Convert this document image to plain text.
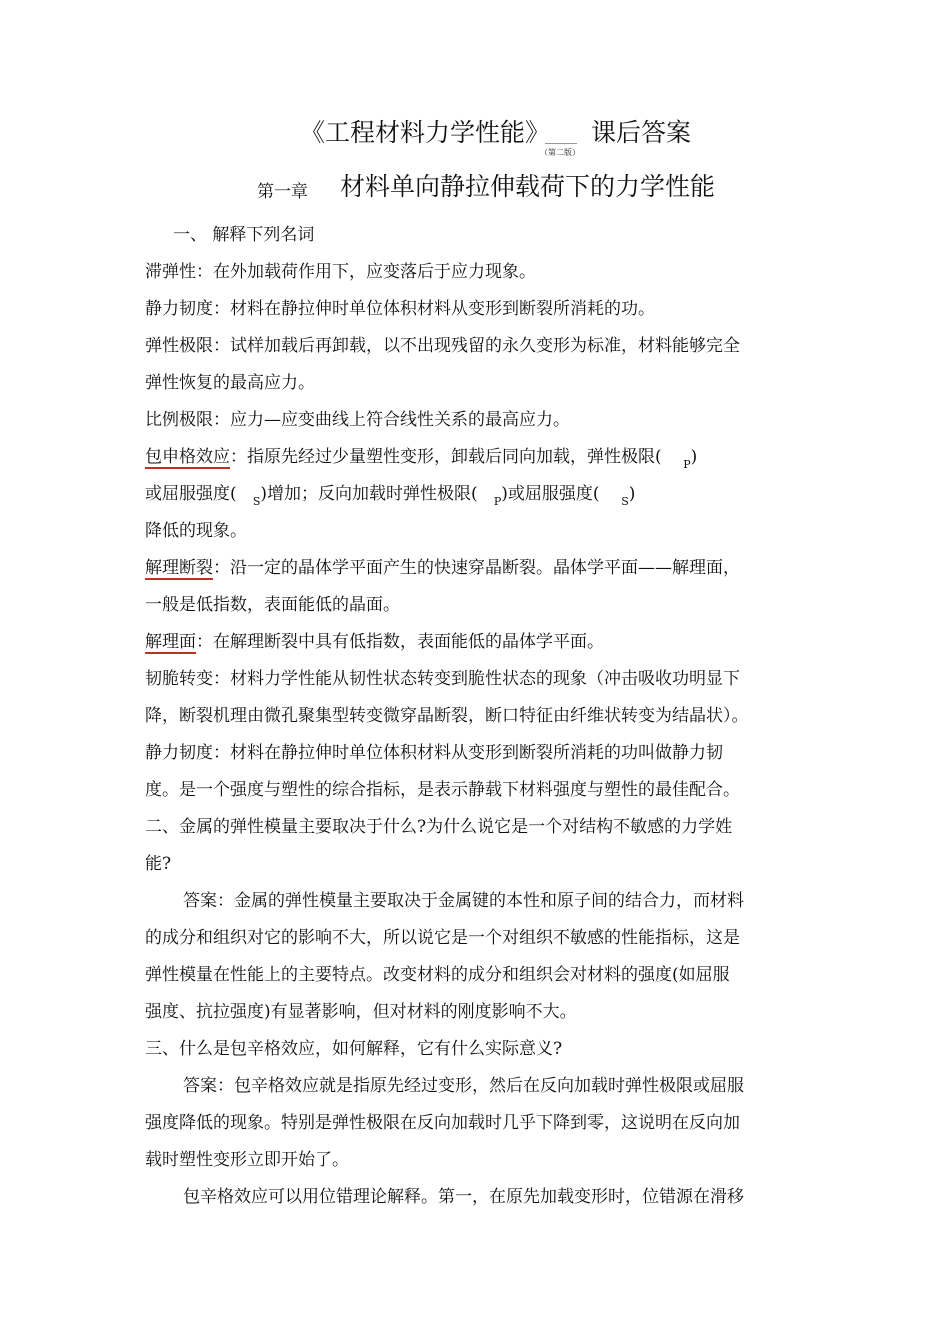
《工程材料力学性能》
（第二版）
课后答案
第一章 材料单向静拉伸载荷下的力学性能
一、 解释下列名词
滞弹性：在外加载荷作用下，应变落后于应力现象。
静力韧度：材料在静拉伸时单位体积材料从变形到断裂所消耗的功。
弹性极限：试样加载后再卸载，以不出现残留的永久变形为标准，材料能够完全
弹性恢复的最高应力。
比例极限：应力—应变曲线上符合线性关系的最高应力。
包申格效应：指原先经过少量塑性变形，卸载后同向加载，弹性极限( $_P$)
或屈服强度( $_S$)增加；反向加载时弹性极限( $_P$)或屈服强度( $_S$)
降低的现象。
解理断裂：沿一定的晶体学平面产生的快速穿晶断裂。晶体学平面——解理面，
一般是低指数，表面能低的晶面。
解理面：在解理断裂中具有低指数，表面能低的晶体学平面。
韧脆转变：材料力学性能从韧性状态转变到脆性状态的现象（冲击吸收功明显下
降，断裂机理由微孔聚集型转变微穿晶断裂，断口特征由纤维状转变为结晶状）。
静力韧度：材料在静拉伸时单位体积材料从变形到断裂所消耗的功叫做静力韧
度。是一个强度与塑性的综合指标，是表示静载下材料强度与塑性的最佳配合。
二、金属的弹性模量主要取决于什么?为什么说它是一个对结构不敏感的力学姓
能?
答案：金属的弹性模量主要取决于金属键的本性和原子间的结合力，而材料
的成分和组织对它的影响不大，所以说它是一个对组织不敏感的性能指标，这是
弹性模量在性能上的主要特点。改变材料的成分和组织会对材料的强度(如屈服
强度、抗拉强度)有显著影响，但对材料的刚度影响不大。
三、什么是包辛格效应，如何解释，它有什么实际意义?
答案：包辛格效应就是指原先经过变形，然后在反向加载时弹性极限或屈服
强度降低的现象。特别是弹性极限在反向加载时几乎下降到零，这说明在反向加
载时塑性变形立即开始了。
包辛格效应可以用位错理论解释。第一，在原先加载变形时，位错源在滑移
